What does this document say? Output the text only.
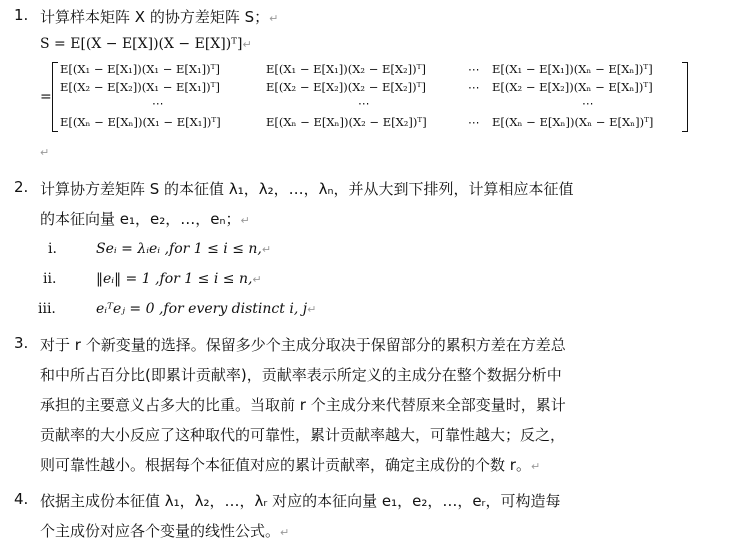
1. 计算样本矩阵 X 的协方差矩阵 S；↵
S = E[(X − E[X])(X − E[X])ᵀ]↵
=
E[(X₁ − E[X₁])(X₁ − E[X₁])ᵀ]	E[(X₁ − E[X₁])(X₂ − E[X₂])ᵀ]	⋯ E[(X₁ − E[X₁])(Xₙ − E[Xₙ])ᵀ]
E[(X₂ − E[X₂])(X₁ − E[X₁])ᵀ]	E[(X₂ − E[X₂])(X₂ − E[X₂])ᵀ]	⋯ E[(X₂ − E[X₂])(Xₙ − E[Xₙ])ᵀ]
⋯	⋯	⋯
E[(Xₙ − E[Xₙ])(X₁ − E[X₁])ᵀ]	E[(Xₙ − E[Xₙ])(X₂ − E[X₂])ᵀ]	⋯ E[(Xₙ − E[Xₙ])(Xₙ − E[Xₙ])ᵀ]
↵
2. 计算协方差矩阵 S 的本征值 λ₁，λ₂，…，λₙ，并从大到下排列，计算相应本征值
的本征向量 e₁，e₂，…，eₙ；↵
i.	Seᵢ = λᵢeᵢ ,for 1 ≤ i ≤ n,↵
ii.	‖eᵢ‖ = 1 ,for 1 ≤ i ≤ n,↵
iii.	eᵢᵀeⱼ = 0 ,for every distinct i, j↵
3. 对于 r 个新变量的选择。保留多少个主成分取决于保留部分的累积方差在方差总
和中所占百分比(即累计贡献率)，贡献率表示所定义的主成分在整个数据分析中
承担的主要意义占多大的比重。当取前 r 个主成分来代替原来全部变量时，累计
贡献率的大小反应了这种取代的可靠性，累计贡献率越大，可靠性越大；反之，
则可靠性越小。根据每个本征值对应的累计贡献率，确定主成份的个数 r。↵
4. 依据主成份本征值 λ₁，λ₂，…，λᵣ 对应的本征向量 e₁，e₂，…，eᵣ，可构造每
个主成份对应各个变量的线性公式。↵
